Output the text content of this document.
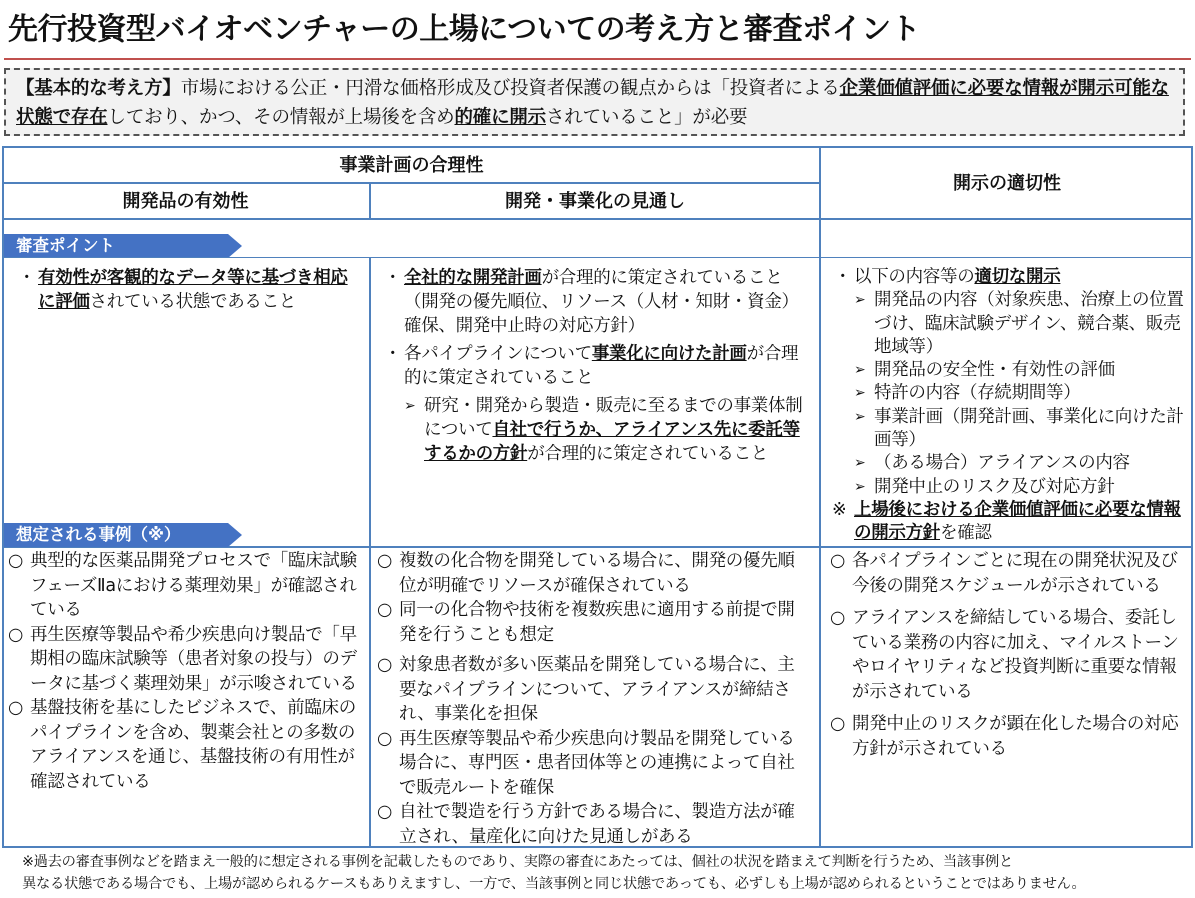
先行投資型バイオベンチャーの上場についての考え方と審査ポイント
【基本的な考え方】市場における公正・円滑な価格形成及び投資者保護の観点からは「投資者による企業価値評価に必要な情報が開示可能な状態で存在しており、かつ、その情報が上場後を含め的確に開示されていること」が必要
事業計画の合理性
開発品の有効性	開発・事業化の見通し
開示の適切性
審査ポイント

・ 有効性が客観的なデータ等に基づき相応に評価されている状態であること

・ 全社的な開発計画が合理的に策定されていること（開発の優先順位、リソース（人材・知財・資金）確保、開発中止時の対応方針）

・ 各パイプラインについて事業化に向けた計画が合理的に策定されていること

➢ 研究・開発から製造・販売に至るまでの事業体制について自社で行うか、アライアンス先に委託等するかの方針が合理的に策定されていること

・ 以下の内容等の適切な開示

➢ 開発品の内容（対象疾患、治療上の位置づけ、臨床試験デザイン、競合薬、販売地域等）

➢ 開発品の安全性・有効性の評価

➢ 特許の内容（存続期間等）

➢ 事業計画（開発計画、事業化に向けた計画等）

➢ （ある場合）アライアンスの内容

➢ 開発中止のリスク及び対応方針

※ 上場後における企業価値評価に必要な情報の開示方針を確認

想定される事例（※）

○ 典型的な医薬品開発プロセスで「臨床試験フェーズⅡaにおける薬理効果」が確認されている

○ 再生医療等製品や希少疾患向け製品で「早期相の臨床試験等（患者対象の投与）のデータに基づく薬理効果」が示唆されている

○ 基盤技術を基にしたビジネスで、前臨床のパイプラインを含め、製薬会社との多数のアライアンスを通じ、基盤技術の有用性が確認されている

○ 複数の化合物を開発している場合に、開発の優先順位が明確でリソースが確保されている

○ 同一の化合物や技術を複数疾患に適用する前提で開発を行うことも想定

○ 対象患者数が多い医薬品を開発している場合に、主要なパイプラインについて、アライアンスが締結され、事業化を担保

○ 再生医療等製品や希少疾患向け製品を開発している場合に、専門医・患者団体等との連携によって自社で販売ルートを確保

○ 自社で製造を行う方針である場合に、製造方法が確立され、量産化に向けた見通しがある

○ 各パイプラインごとに現在の開発状況及び今後の開発スケジュールが示されている

○ アライアンスを締結している場合、委託している業務の内容に加え、マイルストーンやロイヤリティなど投資判断に重要な情報が示されている

○ 開発中止のリスクが顕在化した場合の対応方針が示されている

※過去の審査事例などを踏まえ一般的に想定される事例を記載したものであり、実際の審査にあたっては、個社の状況を踏まえて判断を行うため、当該事例と
異なる状態である場合でも、上場が認められるケースもありえますし、一方で、当該事例と同じ状態であっても、必ずしも上場が認められるということではありません。
